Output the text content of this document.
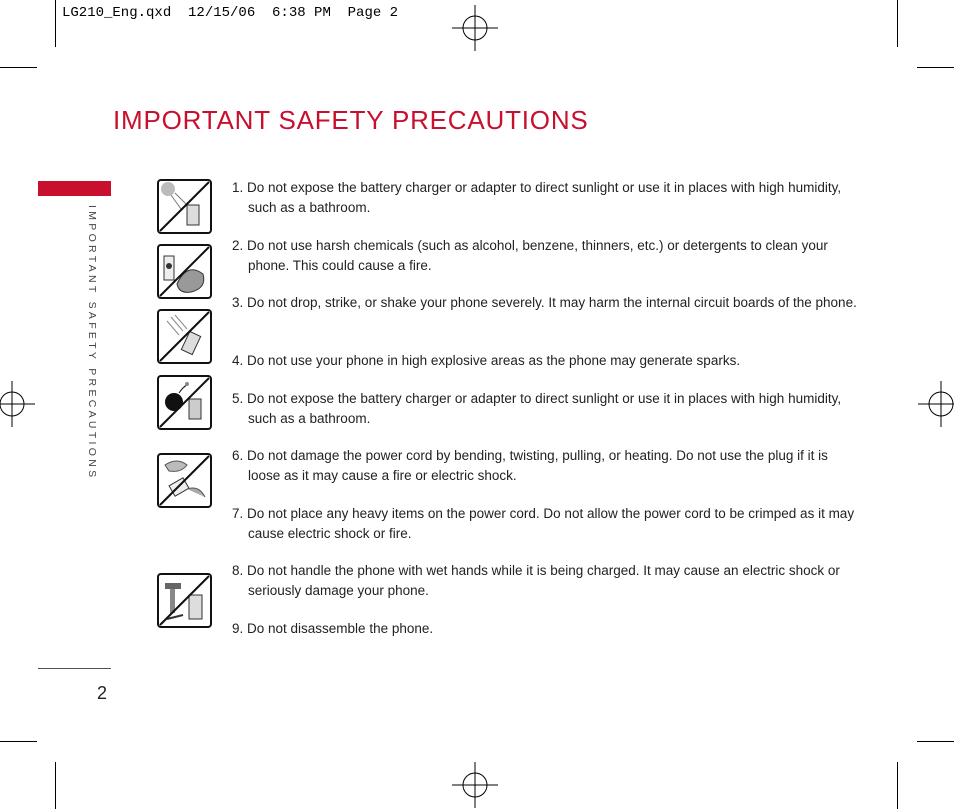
LG210_Eng.qxd  12/15/06  6:38 PM  Page 2
IMPORTANT SAFETY PRECAUTIONS
IMPORTANT SAFETY PRECAUTIONS
1. Do not expose the battery charger or adapter to direct sunlight or use it in places with high humidity, such as a bathroom.
2. Do not use harsh chemicals (such as alcohol, benzene, thinners, etc.) or detergents to clean your phone. This could cause a fire.
3. Do not drop, strike, or shake your phone severely. It may harm the internal circuit boards of the phone.
4. Do not use your phone in high explosive areas as the phone may generate sparks.
5. Do not expose the battery charger or adapter to direct sunlight or use it in places with high humidity, such as a bathroom.
6. Do not damage the power cord by bending, twisting, pulling, or heating. Do not use the plug if it is loose as it may cause a fire or electric shock.
7. Do not place any heavy items on the power cord. Do not allow the power cord to be crimped as it may cause electric shock or fire.
8. Do not handle the phone with wet hands while it is being charged. It may cause an electric shock or seriously damage your phone.
9. Do not disassemble the phone.
2
